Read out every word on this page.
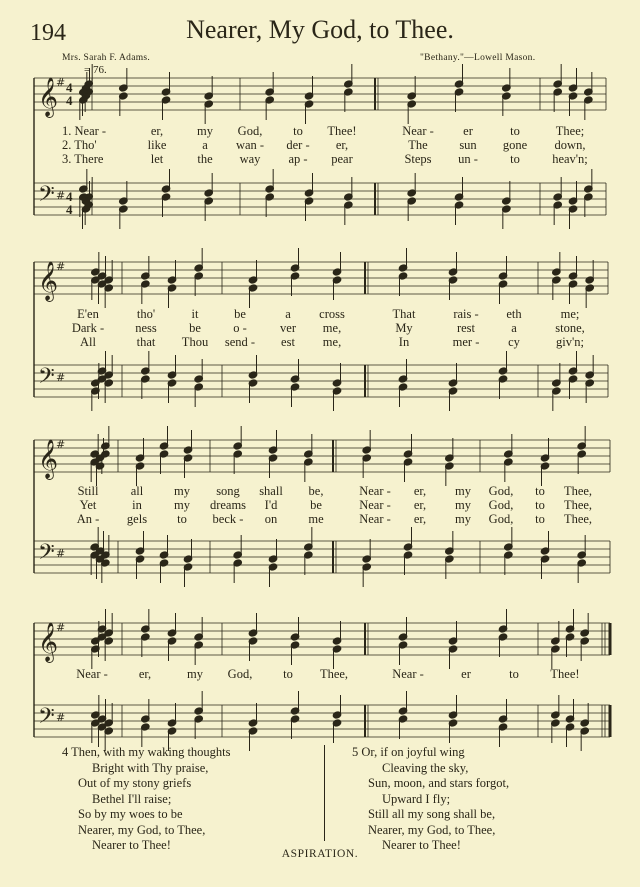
194	Nearer, My God, to Thee.
Mrs. Sarah F. Adams.	"Bethany."—Lowell Mason.
= 76.
𝄞
𝄢
#
#
𝄞
𝄢
#
#
𝄞
𝄢
#
#
𝄞
𝄢
#
#
4
4
4
4
1. Near -	er,	my God, to Thee!	Near - er	to	Thee;
2. Tho'	like	a wan - der - er,	The	sun gone down,
3. There	let	the way ap - pear	Steps un -	to	heav'n;
E'en	tho'	it	be	a cross	That	rais - eth	me;
Dark - ness	be	o -	ver me,	My	rest	a	stone,
All	that Thou send - est me,	In	mer - cy	giv'n;
Still	all my song shall be,	Near - er, my God, to Thee,
Yet	in	my dreams I'd	be	Near - er, my God, to Thee,
An - gels to beck - on me	Near - er, my God, to Thee,
Near - er,	my God, to Thee,	Near -	er	to	Thee!
4 Then, with my waking thoughts
Bright with Thy praise,
Out of my stony griefs
Bethel I'll raise;
So by my woes to be
Nearer, my God, to Thee,
Nearer to Thee!
5 Or, if on joyful wing
Cleaving the sky,
Sun, moon, and stars forgot,
Upward I fly;
Still all my song shall be,
Nearer, my God, to Thee,
Nearer to Thee!
ASPIRATION.
